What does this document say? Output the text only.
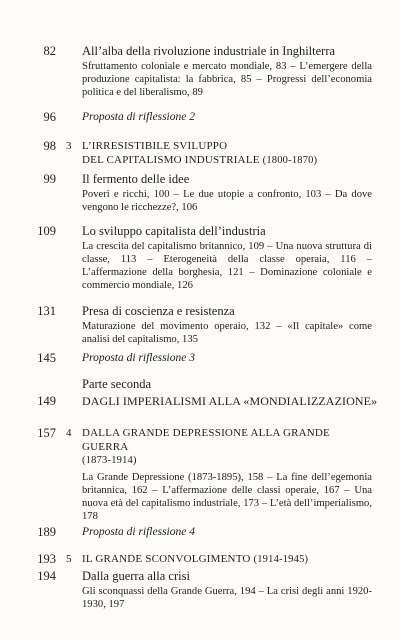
82 All’alba della rivoluzione industriale in Inghilterra
Sfruttamento coloniale e mercato mondiale, 83 – L’emergere della produzione capitalista: la fabbrica, 85 – Progressi dell’economia politica e del liberalismo, 89
96 Proposta di riflessione 2
98 3 L’IRRESISTIBILE SVILUPPO
DEL CAPITALISMO INDUSTRIALE (1800-1870)
99 Il fermento delle idee
Poveri e ricchi, 100 – Le due utopie a confronto, 103 – Da dove vengono le ricchezze?, 106
109 Lo sviluppo capitalista dell’industria
La crescita del capitalismo britannico, 109 – Una nuova struttura di classe, 113 – Eterogeneità della classe operaia, 116 – L’affermazione della borghesia, 121 – Dominazione coloniale e commercio mondiale, 126
131 Presa di coscienza e resistenza
Maturazione del movimento operaio, 132 – «Il capitale» come analisi del capitalismo, 135
145 Proposta di riflessione 3
Parte seconda
149 DAGLI IMPERIALISMI ALLA «MONDIALIZZAZIONE»
157 4 DALLA GRANDE DEPRESSIONE ALLA GRANDE GUERRA
(1873-1914)
La Grande Depressione (1873-1895), 158 – La fine dell’egemonia britannica, 162 – L’affermazione delle classi operaie, 167 – Una nuova età del capitalismo industriale, 173 – L’età dell’imperialismo, 178
189 Proposta di riflessione 4
193 5 IL GRANDE SCONVOLGIMENTO (1914-1945)
194 Dalla guerra alla crisi
Gli sconquassi della Grande Guerra, 194 – La crisi degli anni 1920-1930, 197
